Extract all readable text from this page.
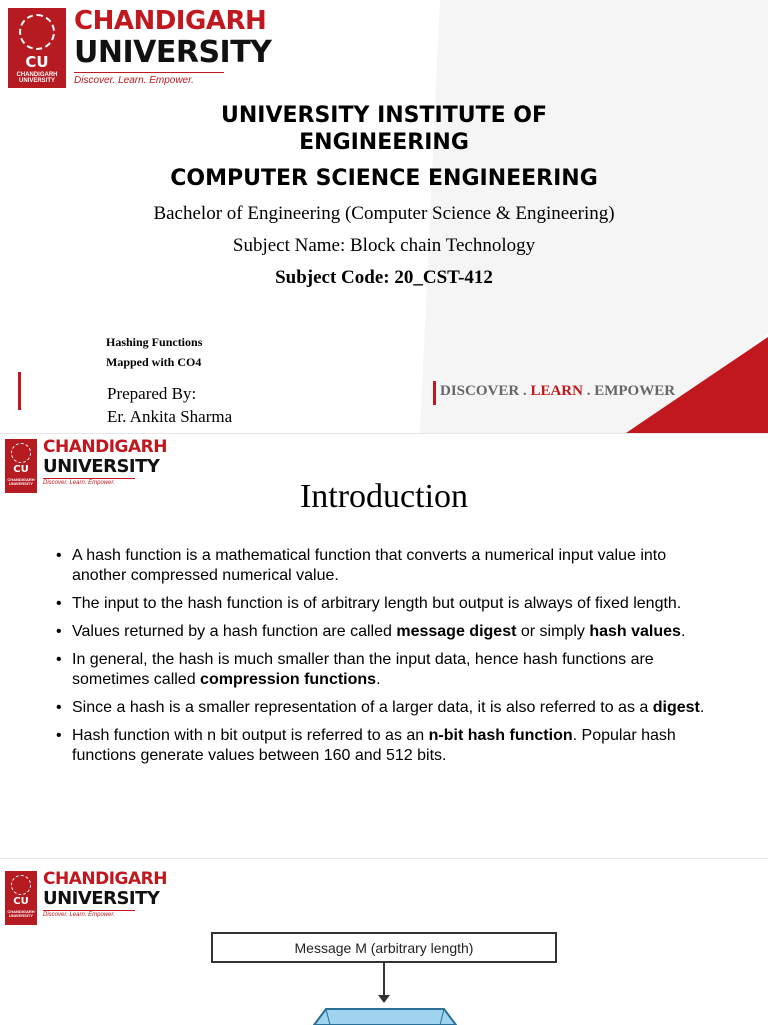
CU
CHANDIGARH
UNIVERSITY
CHANDIGARH
UNIVERSITY
Discover. Learn. Empower.
UNIVERSITY INSTITUTE OF
ENGINEERING
COMPUTER SCIENCE ENGINEERING
Bachelor of Engineering (Computer Science & Engineering)
Subject Name: Block chain Technology
Subject Code: 20_CST-412
Hashing Functions
Mapped with CO4
Prepared By:
Er. Ankita Sharma
DISCOVER . LEARN . EMPOWER
CU
CHANDIGARH
UNIVERSITY
CHANDIGARH
UNIVERSITY
Discover. Learn. Empower.	Introduction
• A hash function is a mathematical function that converts a numerical input value into another compressed numerical value.
• The input to the hash function is of arbitrary length but output is always of fixed length.
• Values returned by a hash function are called message digest or simply hash values.
• In general, the hash is much smaller than the input data, hence hash functions are sometimes called compression functions.
• Since a hash is a smaller representation of a larger data, it is also referred to as a digest.
• Hash function with n bit output is referred to as an n-bit hash function. Popular hash functions generate values between 160 and 512 bits.
CU
CHANDIGARH
UNIVERSITY
CHANDIGARH
UNIVERSITY
Discover. Learn. Empower.
Message M (arbitrary length)
